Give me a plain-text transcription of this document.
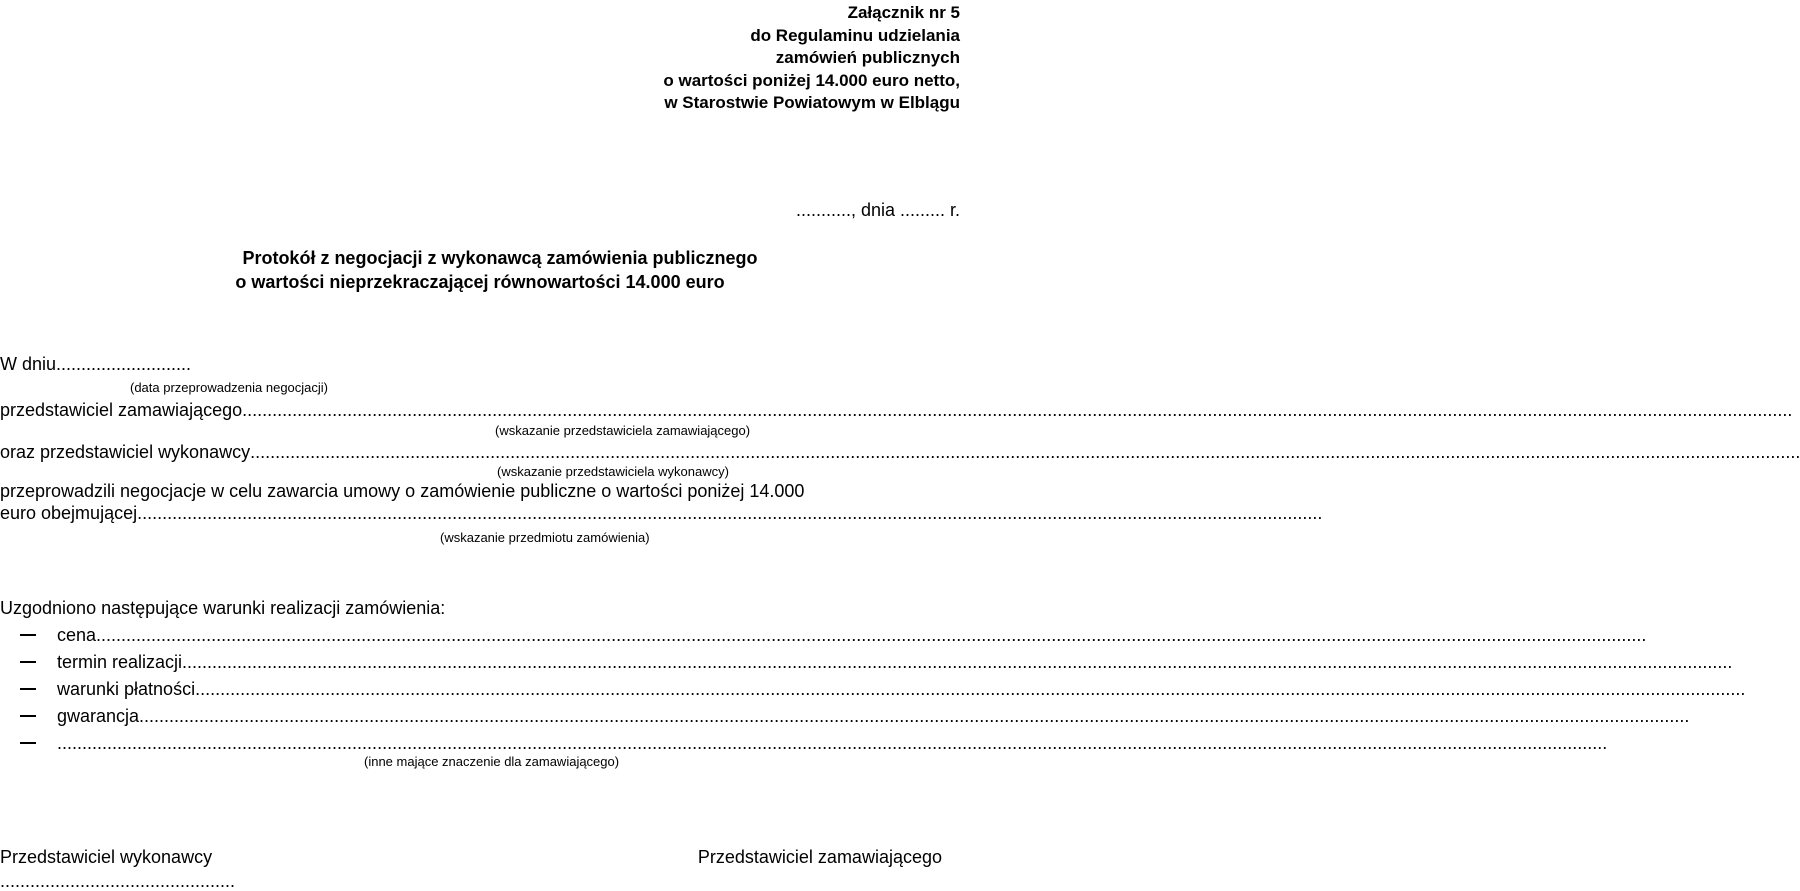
Załącznik nr 5
do Regulaminu udzielania
zamówień publicznych
o wartości poniżej 14.000 euro netto,
w Starostwie Powiatowym w Elblągu
..........., dnia ......... r.
Protokół z negocjacji z wykonawcą zamówienia publicznego
o wartości nieprzekraczającej równowartości 14.000 euro
W dniu ...........................
(data przeprowadzenia negocjacji)
przedstawiciel zamawiającego
.....
(wskazanie przedstawiciela zamawiającego)
oraz przedstawiciel wykonawcy
.....
(wskazanie przedstawiciela wykonawcy)
przeprowadzili negocjacje w celu zawarcia umowy o zamówienie publiczne o wartości poniżej 14.000
euro obejmującej .............................................................................................................................................................................................................................................
(wskazanie przedmiotu zamówienia)
Uzgodniono następujące warunki realizacji zamówienia:
cena
.....
termin realizacji
.....
warunki płatności
.....
gwarancja
.....
.....
(inne mające znaczenie dla zamawiającego)
Przedstawiciel wykonawcy	Przedstawiciel zamawiającego
...............................................
